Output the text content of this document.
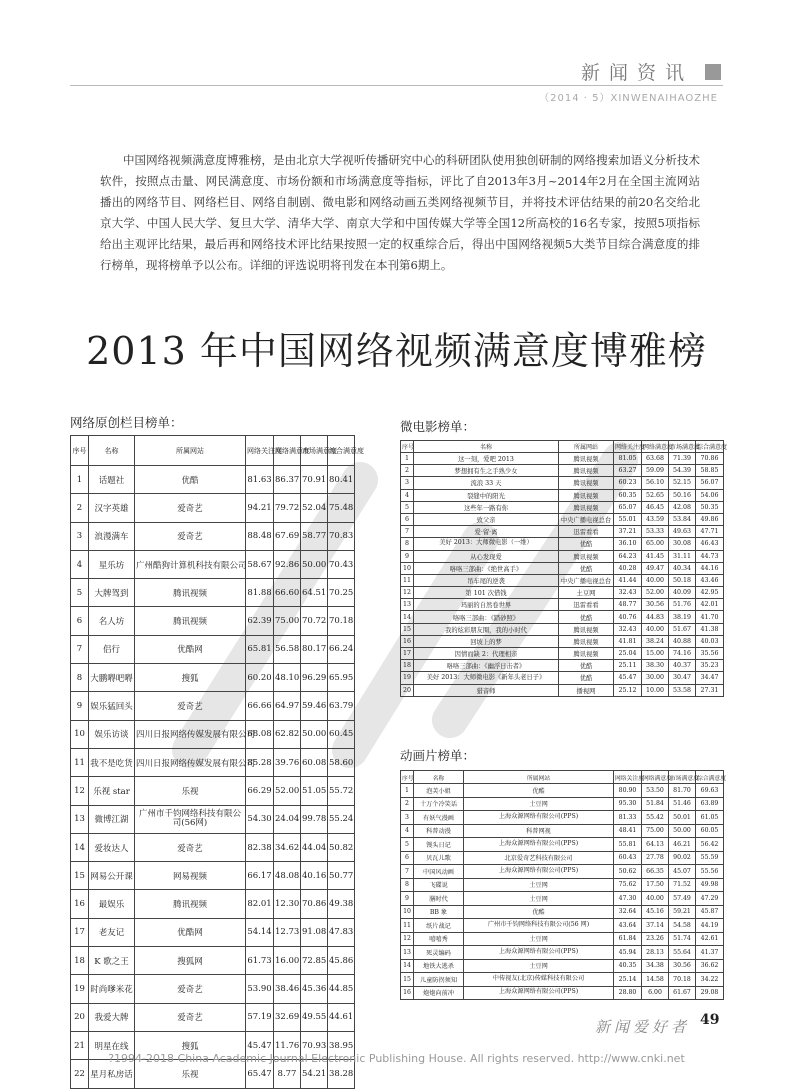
新闻资讯
（2014 · 5）XINWENAIHAOZHE

中国网络视频满意度博雅榜，是由北京大学视听传播研究中心的科研团队使用独创研制的网络搜索加语义分析技术软件，按照点击量、网民满意度、市场份额和市场满意度等指标，评比了自2013年3月~2014年2月在全国主流网站播出的网络节目、网络栏目、网络自制剧、微电影和网络动画五类网络视频节目，并将技术评估结果的前20名交给北京大学、中国人民大学、复旦大学、清华大学、南京大学和中国传媒大学等全国12所高校的16名专家，按照5项指标给出主观评比结果，最后再和网络技术评比结果按照一定的权重综合后，得出中国网络视频5大类节目综合满意度的排行榜单，现将榜单予以公布。详细的评选说明将刊发在本刊第6期上。

2013 年中国网络视频满意度博雅榜
网络原创栏目榜单：
序号	名称	所属网站	网络关注度	网络满意度	市场满意度	综合满意度
1	话题社	优酷	81.63	86.37	70.91	80.41
2	汉字英雄	爱奇艺	94.21	79.72	52.04	75.48
3	浪漫满车	爱奇艺	88.48	67.69	58.77	70.83
4	星乐坊	广州酷狗计算机科技有限公司	58.67	92.86	50.00	70.43
5	大牌驾到	腾讯视频	81.88	66.60	64.51	70.25
6	名人坊	腾讯视频	62.39	75.00	70.72	70.18
7	侣行	优酷网	65.81	56.58	80.17	66.24
8	大鹏嘚吧嘚	搜狐	60.20	48.10	96.29	65.95
9	娱乐猛回头	爱奇艺	66.66	64.97	59.46	63.79
10	娱乐访谈	四川日报网络传媒发展有限公司	68.08	62.82	50.00	60.45
11	我不是吃货	四川日报网络传媒发展有限公司	85.28	39.76	60.08	58.60
12	乐视 star	乐视	66.29	52.00	51.05	55.72
13	微博江湖	广州市千钧网络科技有限公司(56网)	54.30	24.04	99.78	55.24
14	爱妆达人	爱奇艺	82.38	34.62	44.04	50.82
15	网易公开课	网易视频	66.17	48.08	40.16	50.77
16	最娱乐	腾讯视频	82.01	12.30	70.86	49.38
17	老友记	优酷网	54.14	12.73	91.08	47.83
18	K 歌之王	搜狐网	61.73	16.00	72.85	45.86
19	时尚嗲米花	爱奇艺	53.90	38.46	45.36	44.85
20	我爱大牌	爱奇艺	57.19	32.69	49.55	44.61
21	明星在线	搜狐	45.47	11.76	70.93	38.95
22	星月私房话	乐视	65.47	8.77	54.21	38.28
微电影榜单：
序号	名称	所属网站	网络关注度	网络满意度	市场满意度	综合满意度
1	这一刻，爱吧 2013	腾讯视频	81.05	63.68	71.39	70.86
2	梦想拥有生之手熟少女	腾讯视频	63.27	59.09	54.39	58.85
3	流浪 33 天	腾讯视频	60.23	56.10	52.15	56.07
4	裂缝中的阳光	腾讯视频	60.35	52.65	50.16	54.06
5	这些年一路有你	腾讯视频	65.07	46.45	42.08	50.35
6	致父亲	中央广播电视总台	55.01	43.59	53.84	49.86
7	爱·留·离	迅雷看看	37.21	53.33	49.63	47.71
8	美好 2013：大师微电影（一维）	优酷	36.10	65.00	30.08	46.43
9	从心发现爱	腾讯视频	64.23	41.45	31.11	44.73
10	咯咯三部曲：《绝世高手》	优酷	40.28	49.47	40.34	44.16
11	吊车尾的逆袭	中央广播电视总台	41.44	40.00	50.18	43.46
12	第 101 次借钱	土豆网	32.43	52.00	40.09	42.95
13	玛丽的自然卷世界	迅雷看看	48.77	30.56	51.76	42.01
14	咯咯三部曲：《踏砂照》	优酷	40.76	44.83	38.19	41.70
15	我的炫彩朋友圈，我的小时代	腾讯视频	32.43	40.00	51.67	41.38
16	回坡上的梦	腾讯视频	41.81	38.24	40.88	40.03
17	因情而缺 2：代理相亲	腾讯视频	25.04	15.00	74.16	35.56
18	咯咯三部曲：《幽浮日击者》	优酷	25.11	38.30	40.37	35.23
19	美好 2013：大师微电影《新年头老日子》	优酷	45.47	30.00	30.47	34.47
20	猎音师	播视网	25.12	10.00	53.58	27.31
动画片榜单：
序号	名称	所属网站	网络关注度	网络满意度	市场满意度	综合满意度
1	泡芙小姐	优酷	80.90	53.50	81.70	69.63
2	十万个冷笑话	土豆网	95.30	51.84	51.46	63.89
3	有妖气漫画	上海众源网络有限公司(PPS)	81.33	55.42	50.01	61.05
4	科普动漫	科普网视	48.41	75.00	50.00	60.05
5	馒头日记	上海众源网络有限公司(PPS)	55.81	64.13	46.21	56.42
6	贝瓦儿歌	北京爱奇艺科技有限公司	60.43	27.78	90.02	55.59
7	中国风动画	上海众源网络有限公司(PPS)	50.62	66.35	45.07	55.56
8	飞碟说	土豆网	75.62	17.50	71.52	49.98
9	膳时代	土豆网	47.30	40.00	57.49	47.29
10	BB 象	优酷	32.64	45.16	59.21	45.87
11	纸片战记	广州市千钧网络科技有限公司(56 网)	43.64	37.14	54.58	44.19
12	嘻嘻秀	土豆网	61.84	23.26	51.74	42.61
13	死灵编码	上海众源网络有限公司(PPS)	45.94	28.13	55.64	41.37
14	地铁大逃杀	土豆网	40.35	34.38	30.56	36.62
15	儿童防拐须知	中传视友(北京)传媒科技有限公司	25.14	14.58	70.18	34.22
16	炮炮向前冲	上海众源网络有限公司(PPS)	28.80	6.00	61.67	29.08
新闻爱好者 49
?1994-2018 China Academic Journal Electronic Publishing House. All rights reserved. http://www.cnki.net
